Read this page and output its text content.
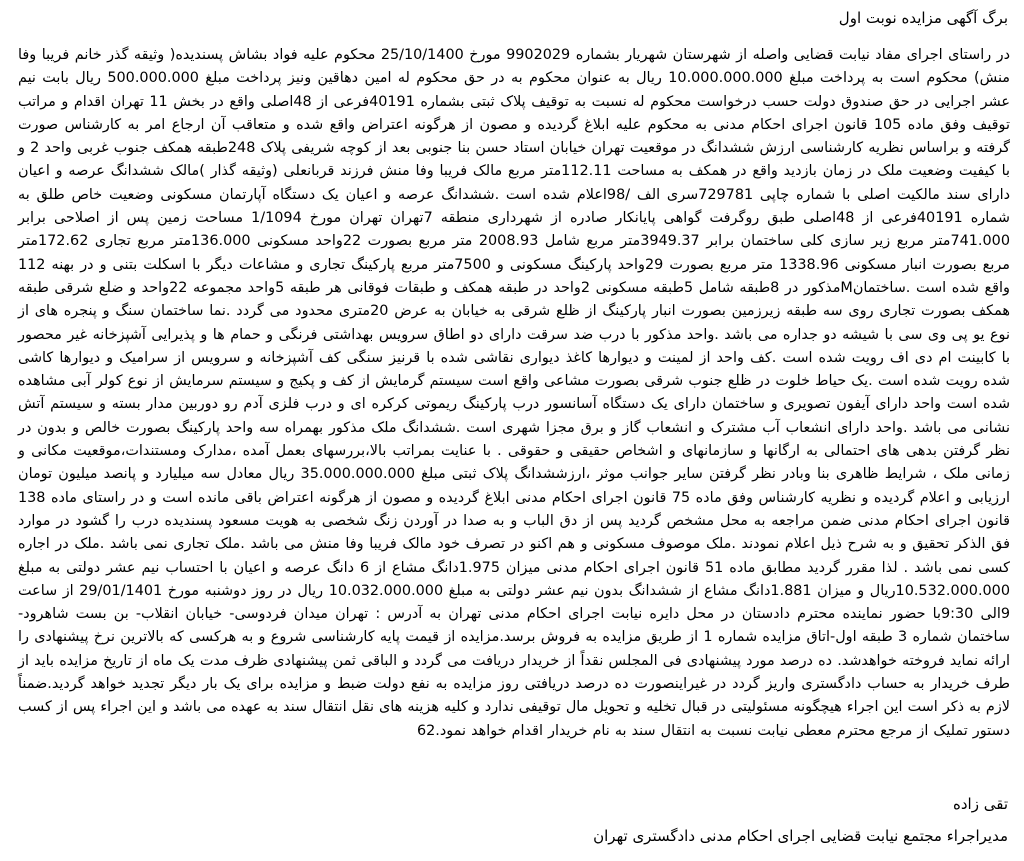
برگ آگهی مزایده نوبت اول

در راستای اجرای مفاد نیابت قضایی واصله از شهرستان شهریار بشماره 9902029 مورخ 25/10/1400 محکوم علیه فواد بشاش پسندیده( وثیقه گذر خانم فریبا وفا منش) محکوم است به پرداخت مبلغ 10.000.000.000 ریال به عنوان محکوم به در حق محکوم له امین دهاقین ونیز پرداخت مبلغ 500.000.000 ریال بابت نیم عشر اجرایی در حق صندوق دولت حسب درخواست محکوم له نسبت به توقیف پلاک ثبتی بشماره 40191فرعی از 48اصلی واقع در بخش 11 تهران اقدام و مراتب توقیف وفق ماده 105 قانون اجرای احکام مدنی به محکوم علیه ابلاغ گردیده و مصون از هرگونه اعتراض واقع شده و متعاقب آن ارجاع امر به کارشناس صورت گرفته و براساس نظریه کارشناسی ارزش ششدانگ در موقعیت تهران خیابان استاد حسن بنا جنوبی بعد از کوچه شریفی پلاک 248طبقه همکف جنوب غربی واحد 2 و با کیفیت وضعیت ملک در زمان بازدید واقع در همکف به مساحت 112.11متر مربع مالک فریبا وفا منش فرزند قربانعلی (وثیقه گذار )مالک ششدانگ عرصه و اعیان دارای سند مالکیت اصلی با شماره چاپی 729781سری الف /98اعلام شده است .ششدانگ عرصه و اعیان یک دستگاه آپارتمان مسکونی وضعیت خاص طلق به شماره 40191فرعی از 48اصلی طبق روگرفت گواهی پایانکار صادره از شهرداری منطقه 7تهران تهران مورخ 1/1094 مساحت زمین پس از اصلاحی برابر 741.000متر مربع زیر سازی کلی ساختمان برابر 3949.37متر مربع شامل 2008.93 متر مربع بصورت 22واحد مسکونی 136.000متر مربع تجاری 172.62متر مربع بصورت انبار مسکونی 1338.96 متر مربع بصورت 29واحد پارکینگ مسکونی و 7500متر مربع پارکینگ تجاری و مشاعات دیگر با اسکلت بتنی و در بهنه 112 واقع شده است .ساختمانMمذکور در 8طبقه شامل 5طبقه مسکونی 2واحد در طبقه همکف و طبقات فوقانی هر طبقه 5واحد مجموعه 22واحد و ضلع شرقی طبقه همکف بصورت تجاری روی سه طبقه زیرزمین بصورت انبار پارکینگ از ظلع شرقی به خیابان به عرض 20متری محدود می گردد .نما ساختمان سنگ و پنجره های از نوع یو پی وی سی با شیشه دو جداره می باشد .واحد مذکور با درب ضد سرقت دارای دو اطاق سرویس بهداشتی فرنگی و حمام ها و پذیرایی آشپزخانه غیر محصور با کابینت ام دی اف رویت شده است .کف واحد از لمینت و دیوارها کاغذ دیواری نقاشی شده با قرنیز سنگی کف آشپزخانه و سرویس از سرامیک و دیوارها کاشی شده رویت شده است .یک حیاط خلوت در ظلع جنوب شرقی بصورت مشاعی واقع است سیستم گرمایش از کف و پکیج و سیستم سرمایش از نوع کولر آبی مشاهده شده است واحد دارای آیفون تصویری و ساختمان دارای یک دستگاه آسانسور درب پارکینگ ریموتی کرکره ای و درب فلزی آدم رو دوربین مدار بسته و سیستم آتش نشانی می باشد .واحد دارای انشعاب آب مشترک و انشعاب گاز و برق مجزا شهری است .ششدانگ ملک مذکور بهمراه سه واحد پارکینگ بصورت خالص و بدون در نظر گرفتن بدهی های احتمالی به ارگانها و سازمانهای و اشخاص حقیقی و حقوقی . با عنایت بمراتب بالا،بررسهای بعمل آمده ،مدارک ومستندات،موقعیت مکانی و زمانی ملک ، شرایط ظاهری بنا وبادر نظر گرفتن سایر جوانب موثر ،ارزششدانگ پلاک ثبتی مبلغ 35.000.000.000 ریال معادل سه میلیارد و پانصد میلیون تومان ارزیابی و اعلام گردیده و نظریه کارشناس وفق ماده 75 قانون اجرای احکام مدنی ابلاغ گردیده و مصون از هرگونه اعتراض باقی مانده است و در راستای ماده 138 قانون اجرای احکام مدنی ضمن مراجعه به محل مشخص گردید پس از دق الباب و به صدا در آوردن زنگ شخصی به هویت مسعود پسندیده درب را گشود در موارد فق الذکر تحقیق و به شرح ذیل اعلام نمودند .ملک موصوف مسکونی و هم اکنو در تصرف خود مالک فریبا وفا منش می باشد .ملک تجاری نمی باشد .ملک در اجاره کسی نمی باشد . لذا مقرر گردید مطابق ماده 51 قانون اجرای احکام مدنی میزان 1.975دانگ مشاع از 6 دانگ عرصه و اعیان با احتساب نیم عشر دولتی به مبلغ 10.532.000.000ریال و میزان 1.881دانگ مشاع از ششدانگ بدون نیم عشر دولتی به مبلغ 10.032.000.000 ریال در روز دوشنبه مورخ 29/01/1401 از ساعت 9الی 9:30با حضور نماینده محترم دادستان در محل دایره نیابت اجرای احکام مدنی تهران به آدرس : تهران میدان فردوسی- خیابان انقلاب- بن بست شاهرود- ساختمان شماره 3 طبقه اول-اتاق مزایده شماره 1 از طریق مزایده به فروش برسد.مزایده از قیمت پایه کارشناسی شروع و به هرکسی که بالاترین نرخ پیشنهادی را ارائه نماید فروخته خواهدشد. ده درصد مورد پیشنهادی فی المجلس نقداً از خریدار دریافت می گردد و الباقی ثمن پیشنهادی ظرف مدت یک ماه از تاریخ مزایده باید از طرف خریدار به حساب دادگستری واریز گردد در غیراینصورت ده درصد دریافتی روز مزایده به نفع دولت ضبط و مزایده برای یک بار دیگر تجدید خواهد گردید.ضمناً لازم به ذکر است این اجراء هیچگونه مسئولیتی در قبال تخلیه و تحویل مال توقیفی ندارد و کلیه هزینه های نقل انتقال سند به عهده می باشد و این اجراء پس از کسب دستور تملیک از مرجع محترم معطی نیابت نسبت به انتقال سند به نام خریدار اقدام خواهد نمود.62

تقی زاده

مدیراجراء مجتمع نیابت قضایی اجرای احکام مدنی دادگستری تهران
